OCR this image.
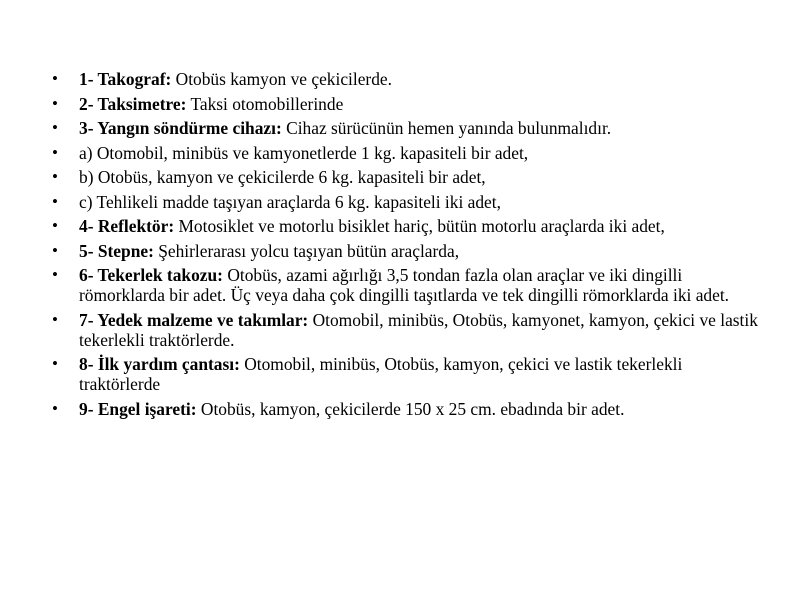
• 1- Takograf: Otobüs kamyon ve çekicilerde.
• 2- Taksimetre: Taksi otomobillerinde
• 3- Yangın söndürme cihazı: Cihaz sürücünün hemen yanında bulunmalıdır.
• a) Otomobil, minibüs ve kamyonetlerde 1 kg. kapasiteli bir adet,
• b) Otobüs, kamyon ve çekicilerde 6 kg. kapasiteli bir adet,
• c) Tehlikeli madde taşıyan araçlarda 6 kg. kapasiteli iki adet,
• 4- Reflektör: Motosiklet ve motorlu bisiklet hariç, bütün motorlu araçlarda iki adet,
• 5- Stepne: Şehirlerarası yolcu taşıyan bütün araçlarda,
• 6- Tekerlek takozu: Otobüs, azami ağırlığı 3,5 tondan fazla olan araçlar ve iki dingilli römorklarda bir adet. Üç veya daha çok dingilli taşıtlarda ve tek dingilli römorklarda iki adet.
• 7- Yedek malzeme ve takımlar: Otomobil, minibüs, Otobüs, kamyonet, kamyon, çekici ve lastik tekerlekli traktörlerde.
• 8- İlk yardım çantası: Otomobil, minibüs, Otobüs, kamyon, çekici ve lastik tekerlekli traktörlerde
• 9- Engel işareti: Otobüs, kamyon, çekicilerde 150 x 25 cm. ebadında bir adet.
